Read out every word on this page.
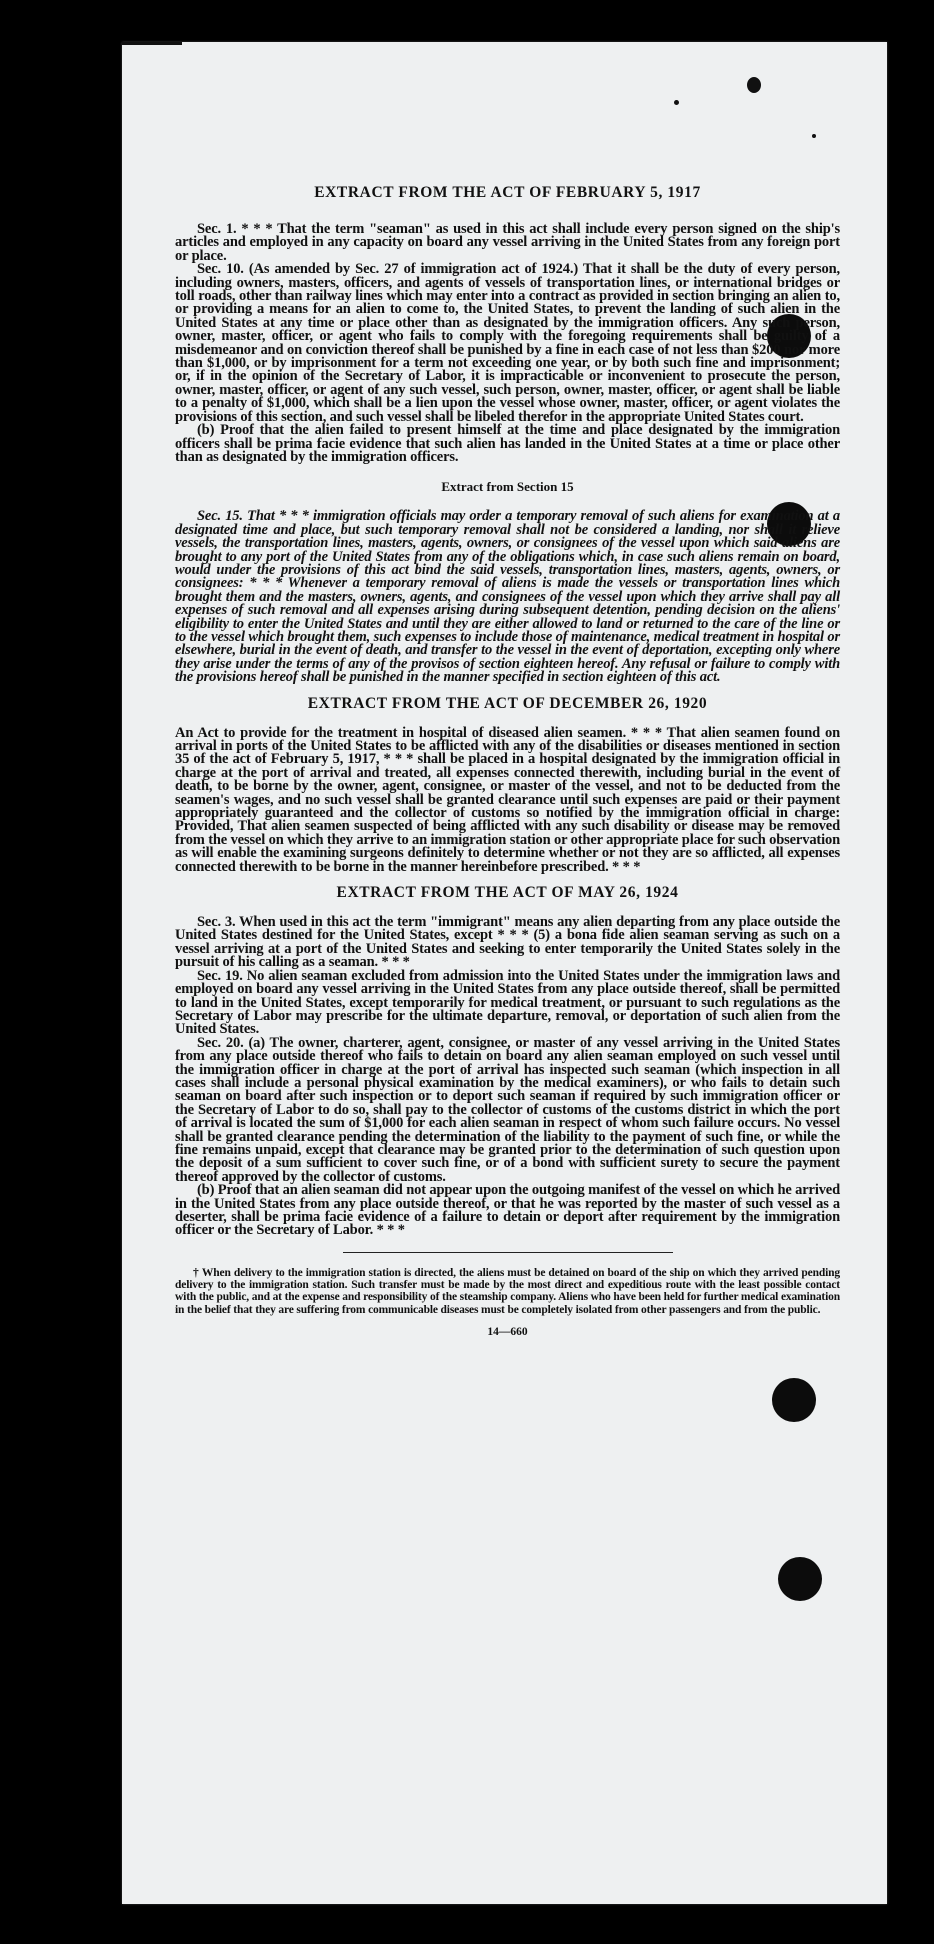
EXTRACT FROM THE ACT OF FEBRUARY 5, 1917

Sec. 1. * * * That the term "seaman" as used in this act shall include every person signed on the ship's articles and employed in any capacity on board any vessel arriving in the United States from any foreign port or place.

Sec. 10. (As amended by Sec. 27 of immigration act of 1924.) That it shall be the duty of every person, including owners, masters, officers, and agents of vessels of transportation lines, or international bridges or toll roads, other than railway lines which may enter into a contract as provided in section bringing an alien to, or providing a means for an alien to come to, the United States, to prevent the landing of such alien in the United States at any time or place other than as designated by the immigration officers. Any such person, owner, master, officer, or agent who fails to comply with the foregoing requirements shall be guilty of a misdemeanor and on conviction thereof shall be punished by a fine in each case of not less than $200 nor more than $1,000, or by imprisonment for a term not exceeding one year, or by both such fine and imprisonment; or, if in the opinion of the Secretary of Labor, it is impracticable or inconvenient to prosecute the person, owner, master, officer, or agent of any such vessel, such person, owner, master, officer, or agent shall be liable to a penalty of $1,000, which shall be a lien upon the vessel whose owner, master, officer, or agent violates the provisions of this section, and such vessel shall be libeled therefor in the appropriate United States court.

(b) Proof that the alien failed to present himself at the time and place designated by the immigration officers shall be prima facie evidence that such alien has landed in the United States at a time or place other than as designated by the immigration officers.

Extract from Section 15

Sec. 15. That * * * immigration officials may order a temporary removal of such aliens for examination at a designated time and place, but such temporary removal shall not be considered a landing, nor shall it relieve vessels, the transportation lines, masters, agents, owners, or consignees of the vessel upon which said aliens are brought to any port of the United States from any of the obligations which, in case such aliens remain on board, would under the provisions of this act bind the said vessels, transportation lines, masters, agents, owners, or consignees: * * * Whenever a temporary removal of aliens is made the vessels or transportation lines which brought them and the masters, owners, agents, and consignees of the vessel upon which they arrive shall pay all expenses of such removal and all expenses arising during subsequent detention, pending decision on the aliens' eligibility to enter the United States and until they are either allowed to land or returned to the care of the line or to the vessel which brought them, such expenses to include those of maintenance, medical treatment in hospital or elsewhere, burial in the event of death, and transfer to the vessel in the event of deportation, excepting only where they arise under the terms of any of the provisos of section eighteen hereof. Any refusal or failure to comply with the provisions hereof shall be punished in the manner specified in section eighteen of this act.

EXTRACT FROM THE ACT OF DECEMBER 26, 1920

An Act to provide for the treatment in hospital of diseased alien seamen. * * * That alien seamen found on arrival in ports of the United States to be afflicted with any of the disabilities or diseases mentioned in section 35 of the act of February 5, 1917, * * * shall be placed in a hospital designated by the immigration official in charge at the port of arrival and treated, all expenses connected therewith, including burial in the event of death, to be borne by the owner, agent, consignee, or master of the vessel, and not to be deducted from the seamen's wages, and no such vessel shall be granted clearance until such expenses are paid or their payment appropriately guaranteed and the collector of customs so notified by the immigration official in charge: Provided, That alien seamen suspected of being afflicted with any such disability or disease may be removed from the vessel on which they arrive to an immigration station or other appropriate place for such observation as will enable the examining surgeons definitely to determine whether or not they are so afflicted, all expenses connected therewith to be borne in the manner hereinbefore prescribed. * * *

EXTRACT FROM THE ACT OF MAY 26, 1924

Sec. 3. When used in this act the term "immigrant" means any alien departing from any place outside the United States destined for the United States, except * * * (5) a bona fide alien seaman serving as such on a vessel arriving at a port of the United States and seeking to enter temporarily the United States solely in the pursuit of his calling as a seaman. * * *

Sec. 19. No alien seaman excluded from admission into the United States under the immigration laws and employed on board any vessel arriving in the United States from any place outside thereof, shall be permitted to land in the United States, except temporarily for medical treatment, or pursuant to such regulations as the Secretary of Labor may prescribe for the ultimate departure, removal, or deportation of such alien from the United States.

Sec. 20. (a) The owner, charterer, agent, consignee, or master of any vessel arriving in the United States from any place outside thereof who fails to detain on board any alien seaman employed on such vessel until the immigration officer in charge at the port of arrival has inspected such seaman (which inspection in all cases shall include a personal physical examination by the medical examiners), or who fails to detain such seaman on board after such inspection or to deport such seaman if required by such immigration officer or the Secretary of Labor to do so, shall pay to the collector of customs of the customs district in which the port of arrival is located the sum of $1,000 for each alien seaman in respect of whom such failure occurs. No vessel shall be granted clearance pending the determination of the liability to the payment of such fine, or while the fine remains unpaid, except that clearance may be granted prior to the determination of such question upon the deposit of a sum sufficient to cover such fine, or of a bond with sufficient surety to secure the payment thereof approved by the collector of customs.

(b) Proof that an alien seaman did not appear upon the outgoing manifest of the vessel on which he arrived in the United States from any place outside thereof, or that he was reported by the master of such vessel as a deserter, shall be prima facie evidence of a failure to detain or deport after requirement by the immigration officer or the Secretary of Labor. * * *

† When delivery to the immigration station is directed, the aliens must be detained on board of the ship on which they arrived pending delivery to the immigration station. Such transfer must be made by the most direct and expeditious route with the least possible contact with the public, and at the expense and responsibility of the steamship company. Aliens who have been held for further medical examination in the belief that they are suffering from communicable diseases must be completely isolated from other passengers and from the public.

14—660
